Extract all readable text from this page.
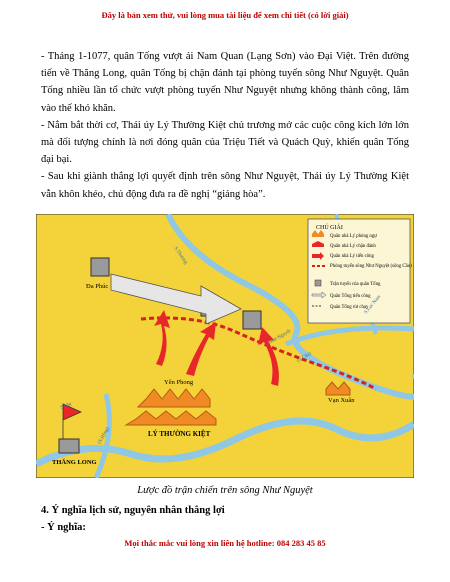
Đây là bản xem thử, vui lòng mua tài liệu để xem chi tiết (có lời giải)

- Tháng 1-1077, quân Tống vượt ải Nam Quan (Lạng Sơn) vào Đại Việt. Trên đường tiến về Thăng Long, quân Tống bị chặn đánh tại phòng tuyến sông Như Nguyệt. Quân Tống nhiều lần tổ chức vượt phòng tuyến Như Nguyệt nhưng không thành công, lâm vào thế khó khăn.

- Nắm bắt thời cơ, Thái úy Lý Thường Kiệt chủ trương mở các cuộc công kích lớn lớn mà đối tượng chính là nơi đóng quân của Triệu Tiết và Quách Quỳ, khiến quân Tống đại bại.

- Sau khi giành thắng lợi quyết định trên sông Như Nguyệt, Thái úy Lý Thường Kiệt vẫn khôn khéo, chủ động đưa ra đề nghị “giảng hòa”.

CHÚ GIẢI
Quân nhà Lý phòng ngự
Quân nhà Lý chặn đánh
Quân nhà Lý tiến công
Phòng tuyến sông Như Nguyệt (sông Cầu)
Trận tuyến của quân Tống
Quân Tống tiến công
Quân Tống rút chạy
Đa Phúc
Yên Phong
LÝ THƯỜNG KIỆT
Vạn Xuân
THĂNG LONG
S.Thương
S.Như Nguyệt
(S.Cầu)
S.Lục Nam
S.Nhị
(S.Hồng)
Lược đồ trận chiến trên sông Như Nguyệt
4. Ý nghĩa lịch sử, nguyên nhân thắng lợi
- Ý nghĩa:
Mọi thắc mắc vui lòng xin liên hệ hotline: 084 283 45 85
